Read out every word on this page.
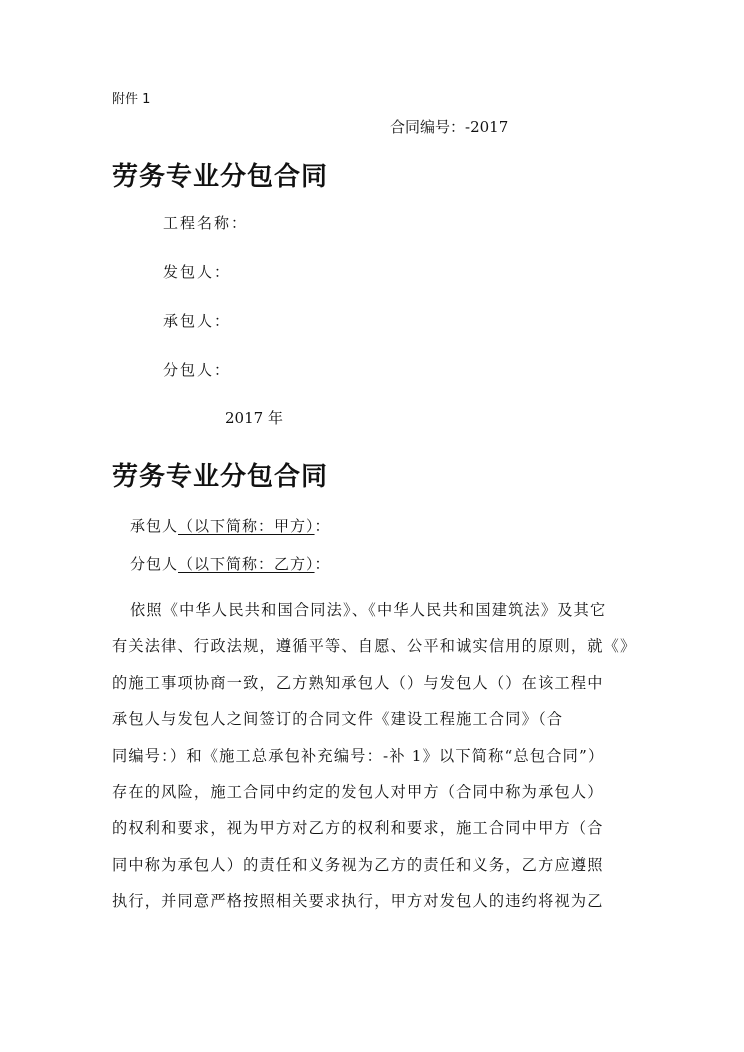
附件 1
合同编号：-2017
劳务专业分包合同
工程名称：
发包人：
承包人：
分包人：
2017 年
劳务专业分包合同
承包人（以下简称：甲方）：
分包人（以下简称：乙方）：
依照《中华人民共和国合同法》、《中华人民共和国建筑法》及其它
有关法律、行政法规，遵循平等、自愿、公平和诚实信用的原则，就《》
的施工事项协商一致，乙方熟知承包人（）与发包人（）在该工程中
承包人与发包人之间签订的合同文件《建设工程施工合同》（合
同编号：）和《施工总承包补充编号：-补 1》以下简称“总包合同”）
存在的风险，施工合同中约定的发包人对甲方（合同中称为承包人）
的权利和要求，视为甲方对乙方的权利和要求，施工合同中甲方（合
同中称为承包人）的责任和义务视为乙方的责任和义务，乙方应遵照
执行，并同意严格按照相关要求执行，甲方对发包人的违约将视为乙
